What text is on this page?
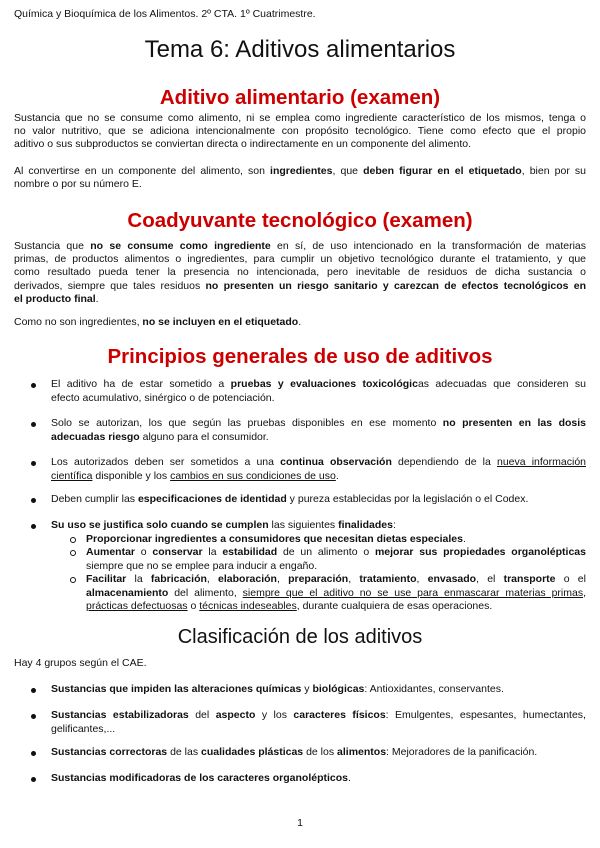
Química y Bioquímica de los Alimentos. 2º CTA. 1º Cuatrimestre.
Tema 6: Aditivos alimentarios
Aditivo alimentario (examen)
Sustancia que no se consume como alimento, ni se emplea como ingrediente característico de los mismos, tenga o
no valor nutritivo, que se adiciona intencionalmente con propósito tecnológico. Tiene como efecto que el propio
aditivo o sus subproductos se conviertan directa o indirectamente en un componente del alimento.
Al convertirse en un componente del alimento, son ingredientes, que deben figurar en el etiquetado, bien por su
nombre o por su número E.
Coadyuvante tecnológico (examen)
Sustancia que no se consume como ingrediente en sí, de uso intencionado en la transformación de materias
primas, de productos alimentos o ingredientes, para cumplir un objetivo tecnológico durante el tratamiento, y que
como resultado pueda tener la presencia no intencionada, pero inevitable de residuos de dicha sustancia o
derivados, siempre que tales residuos no presenten un riesgo sanitario y carezcan de efectos tecnológicos en
el producto final.
Como no son ingredientes, no se incluyen en el etiquetado.
Principios generales de uso de aditivos
El aditivo ha de estar sometido a pruebas y evaluaciones toxicológicas adecuadas que consideren su
efecto acumulativo, sinérgico o de potenciación.
Solo se autorizan, los que según las pruebas disponibles en ese momento no presenten en las dosis
adecuadas riesgo alguno para el consumidor.
Los autorizados deben ser sometidos a una continua observación dependiendo de la nueva información
científica disponible y los cambios en sus condiciones de uso.
Deben cumplir las especificaciones de identidad y pureza establecidas por la legislación o el Codex.
Su uso se justifica solo cuando se cumplen las siguientes finalidades:
Proporcionar ingredientes a consumidores que necesitan dietas especiales.
Aumentar o conservar la estabilidad de un alimento o mejorar sus propiedades organolépticas
siempre que no se emplee para inducir a engaño.
Facilitar la fabricación, elaboración, preparación, tratamiento, envasado, el transporte o el
almacenamiento del alimento, siempre que el aditivo no se use para enmascarar materias primas,
prácticas defectuosas o técnicas indeseables, durante cualquiera de esas operaciones.
Clasificación de los aditivos
Hay 4 grupos según el CAE.
Sustancias que impiden las alteraciones químicas y biológicas: Antioxidantes, conservantes.
Sustancias estabilizadoras del aspecto y los caracteres físicos: Emulgentes, espesantes, humectantes,
gelificantes,...
Sustancias correctoras de las cualidades plásticas de los alimentos: Mejoradores de la panificación.
Sustancias modificadoras de los caracteres organolépticos.
1
